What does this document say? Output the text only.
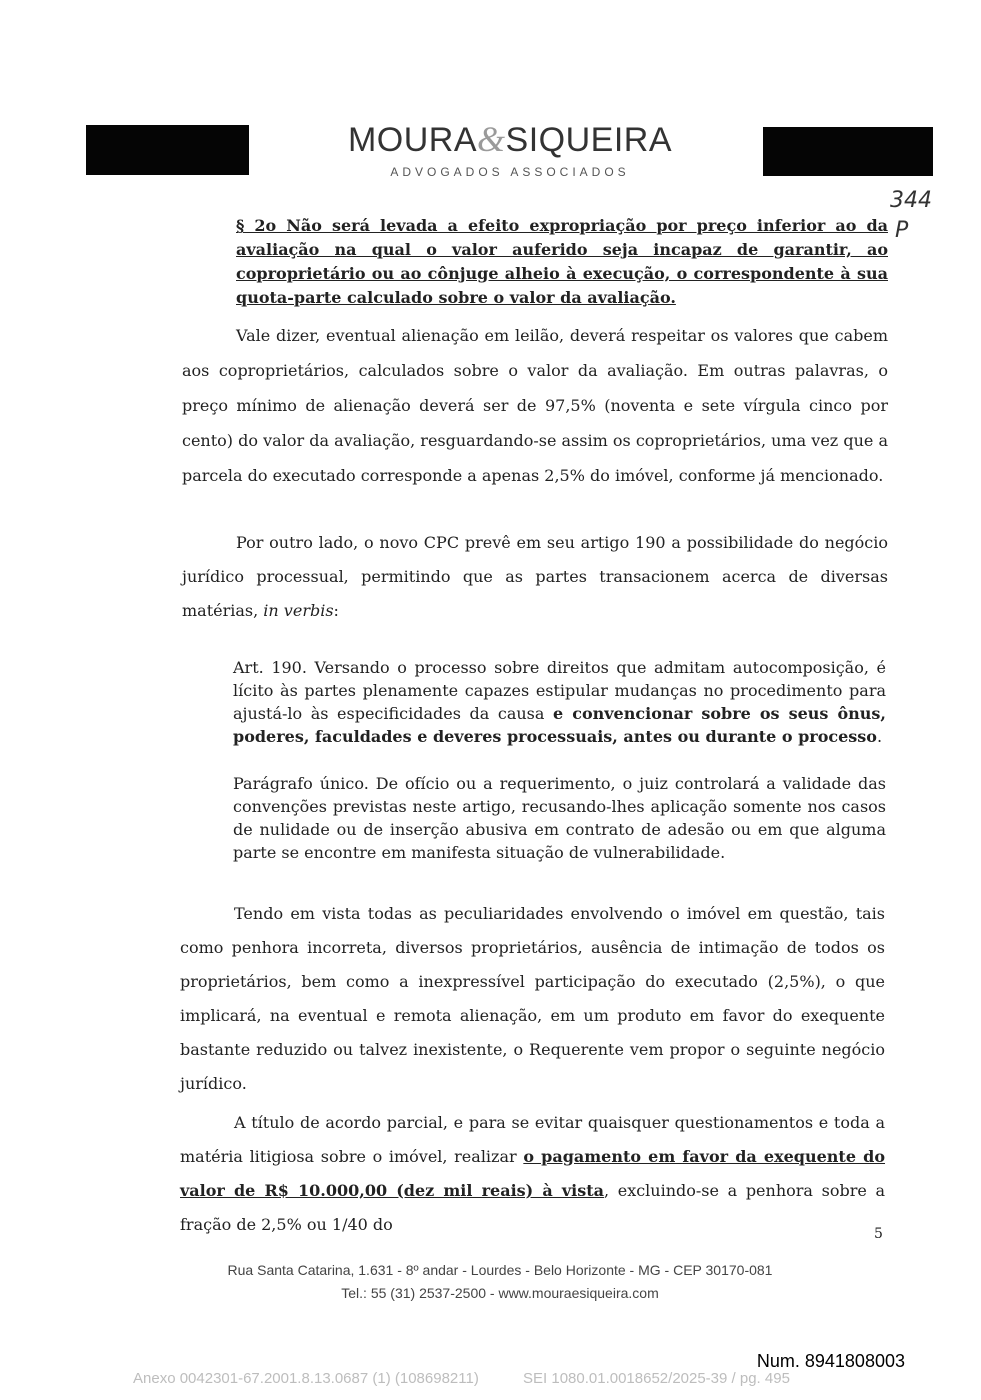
MOURA&SIQUEIRA
ADVOGADOS ASSOCIADOS
344
P

§ 2o Não será levada a efeito expropriação por preço inferior ao da avaliação na qual o valor auferido seja incapaz de garantir, ao coproprietário ou ao cônjuge alheio à execução, o correspondente à sua quota-parte calculado sobre o valor da avaliação.

Vale dizer, eventual alienação em leilão, deverá respeitar os valores que cabem aos coproprietários, calculados sobre o valor da avaliação. Em outras palavras, o preço mínimo de alienação deverá ser de 97,5% (noventa e sete vírgula cinco por cento) do valor da avaliação, resguardando-se assim os coproprietários, uma vez que a parcela do executado corresponde a apenas 2,5% do imóvel, conforme já mencionado.

Por outro lado, o novo CPC prevê em seu artigo 190 a possibilidade do negócio jurídico processual, permitindo que as partes transacionem acerca de diversas matérias, in verbis:

Art. 190. Versando o processo sobre direitos que admitam autocomposição, é lícito às partes plenamente capazes estipular mudanças no procedimento para ajustá-lo às especificidades da causa e convencionar sobre os seus ônus, poderes, faculdades e deveres processuais, antes ou durante o processo.

Parágrafo único. De ofício ou a requerimento, o juiz controlará a validade das convenções previstas neste artigo, recusando-lhes aplicação somente nos casos de nulidade ou de inserção abusiva em contrato de adesão ou em que alguma parte se encontre em manifesta situação de vulnerabilidade.

Tendo em vista todas as peculiaridades envolvendo o imóvel em questão, tais como penhora incorreta, diversos proprietários, ausência de intimação de todos os proprietários, bem como a inexpressível participação do executado (2,5%), o que implicará, na eventual e remota alienação, em um produto em favor do exequente bastante reduzido ou talvez inexistente, o Requerente vem propor o seguinte negócio jurídico.

A título de acordo parcial, e para se evitar quaisquer questionamentos e toda a matéria litigiosa sobre o imóvel, realizar o pagamento em favor da exequente do valor de R$ 10.000,00 (dez mil reais) à vista, excluindo-se a penhora sobre a fração de 2,5% ou 1/40 do	5
Rua Santa Catarina, 1.631 - 8º andar - Lourdes - Belo Horizonte - MG - CEP 30170-081
Tel.: 55 (31) 2537-2500 - www.mouraesiqueira.com
Num. 8941808003
Anexo 0042301-67.2001.8.13.0687 (1) (108698211)	SEI 1080.01.0018652/2025-39 / pg. 495
